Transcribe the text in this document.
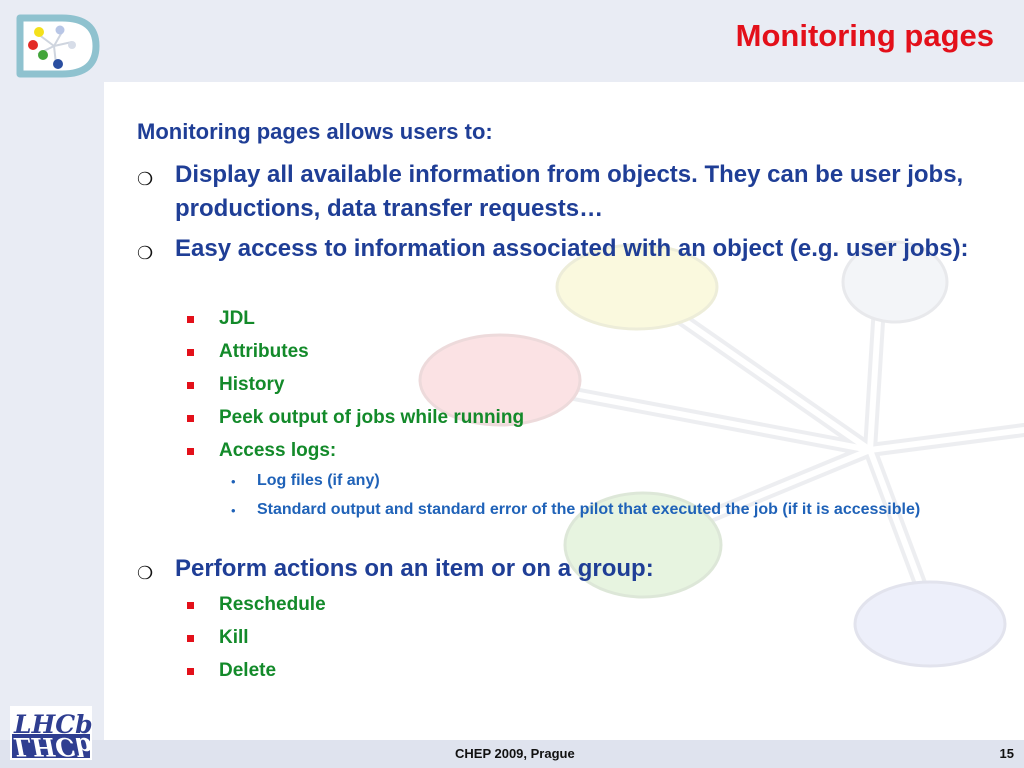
LHCb
LHCb
Monitoring pages

Monitoring pages allows users to:

❍ Display all available information from objects. They can be user jobs, productions, data transfer requests…

❍ Easy access to information associated with an object (e.g. user jobs):

JDL

Attributes

History

Peek output of jobs while running

Access logs:

• Log files (if any)

• Standard output and standard error of the pilot that executed the job (if it is accessible)

❍ Perform actions on an item or on a group:

Reschedule

Kill

Delete

CHEP 2009, Prague	15
